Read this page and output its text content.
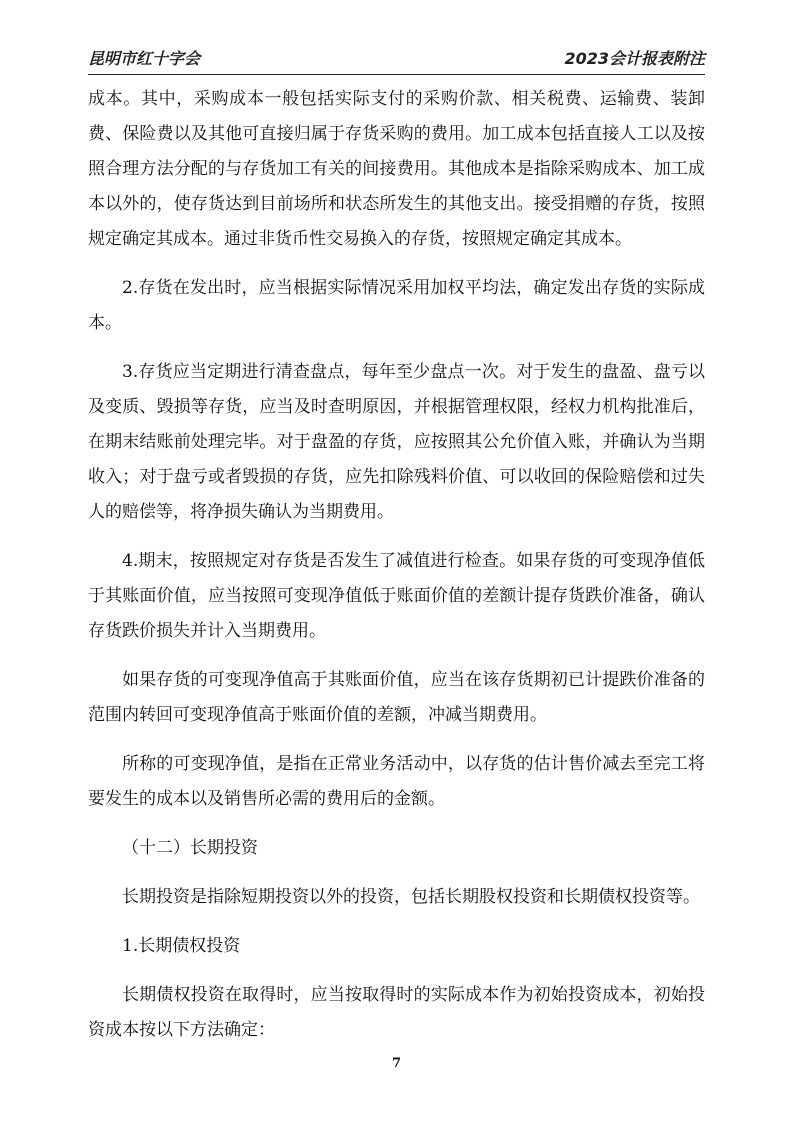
昆明市红十字会	2023会计报表附注

成本。其中，采购成本一般包括实际支付的采购价款、相关税费、运输费、装卸费、保险费以及其他可直接归属于存货采购的费用。加工成本包括直接人工以及按照合理方法分配的与存货加工有关的间接费用。其他成本是指除采购成本、加工成本以外的，使存货达到目前场所和状态所发生的其他支出。接受捐赠的存货，按照规定确定其成本。通过非货币性交易换入的存货，按照规定确定其成本。

2.存货在发出时，应当根据实际情况采用加权平均法，确定发出存货的实际成本。

3.存货应当定期进行清查盘点，每年至少盘点一次。对于发生的盘盈、盘亏以及变质、毁损等存货，应当及时查明原因，并根据管理权限，经权力机构批准后，在期末结账前处理完毕。对于盘盈的存货，应按照其公允价值入账，并确认为当期收入；对于盘亏或者毁损的存货，应先扣除残料价值、可以收回的保险赔偿和过失人的赔偿等，将净损失确认为当期费用。

4.期末，按照规定对存货是否发生了减值进行检查。如果存货的可变现净值低于其账面价值，应当按照可变现净值低于账面价值的差额计提存货跌价准备，确认存货跌价损失并计入当期费用。

如果存货的可变现净值高于其账面价值，应当在该存货期初已计提跌价准备的范围内转回可变现净值高于账面价值的差额，冲减当期费用。

所称的可变现净值，是指在正常业务活动中，以存货的估计售价减去至完工将要发生的成本以及销售所必需的费用后的金额。

（十二）长期投资

长期投资是指除短期投资以外的投资，包括长期股权投资和长期债权投资等。

1.长期债权投资

长期债权投资在取得时，应当按取得时的实际成本作为初始投资成本，初始投资成本按以下方法确定：

7
